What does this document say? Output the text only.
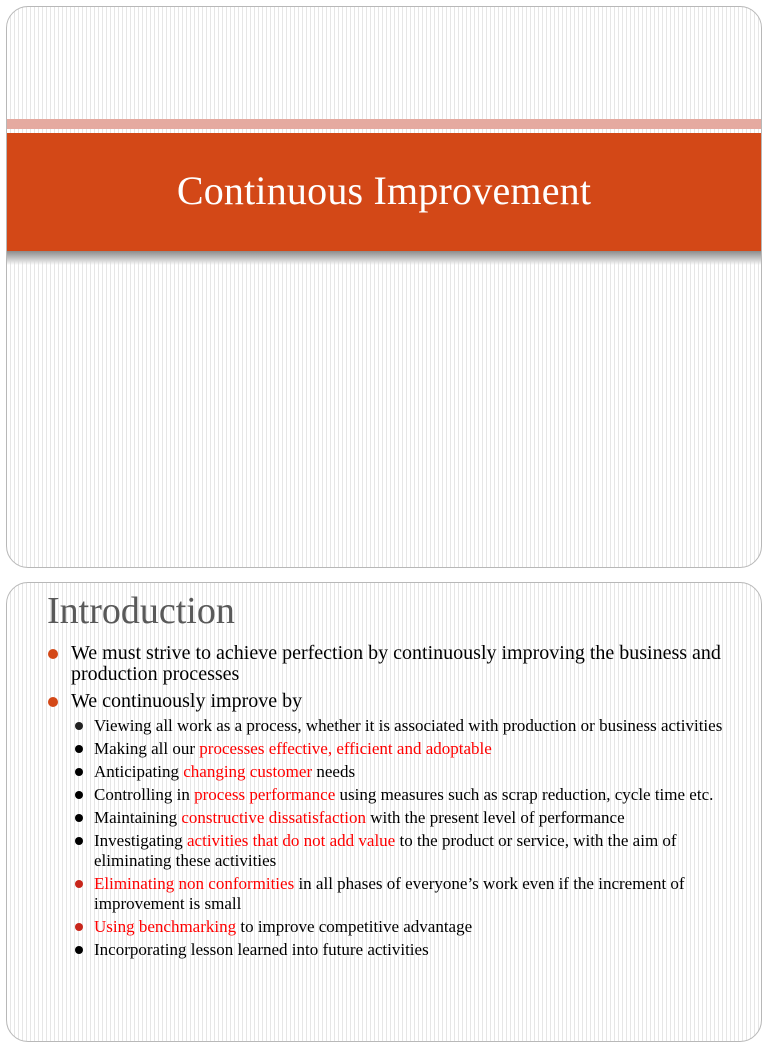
Continuous Improvement
Introduction
We must strive to achieve perfection by continuously improving the business and production processes
We continuously improve by
Viewing all work as a process, whether it is associated with production or business activities
Making all our processes effective, efficient and adoptable
Anticipating changing customer needs
Controlling in process performance using measures such as scrap reduction, cycle time etc.
Maintaining constructive dissatisfaction with the present level of performance
Investigating activities that do not add value to the product or service, with the aim of eliminating these activities
Eliminating non conformities in all phases of everyone’s work even if the increment of improvement is small
Using benchmarking to improve competitive advantage
Incorporating lesson learned into future activities
